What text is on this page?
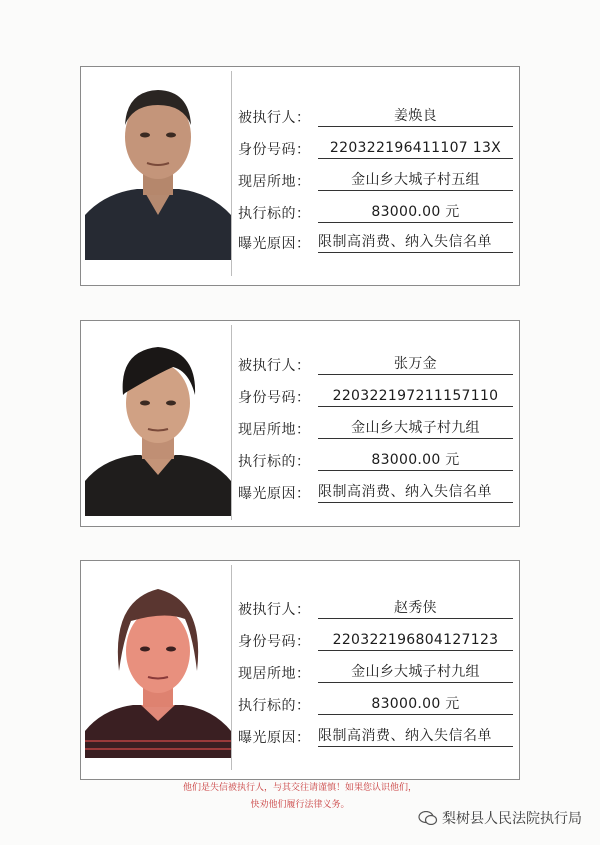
被执行人：	姜焕良
身份号码：	220322196411107 13X
现居所地：	金山乡大城子村五组
执行标的：	83000.00 元
曝光原因： 限制高消费、纳入失信名单
被执行人：	张万金
身份号码：	220322197211157110
现居所地：	金山乡大城子村九组
执行标的：	83000.00 元
曝光原因： 限制高消费、纳入失信名单
被执行人：	赵秀侠
身份号码：	220322196804127123
现居所地：	金山乡大城子村九组
执行标的：	83000.00 元
曝光原因： 限制高消费、纳入失信名单
他们是失信被执行人，与其交往请谨慎！如果您认识他们，
快劝他们履行法律义务。
梨树县人民法院执行局
